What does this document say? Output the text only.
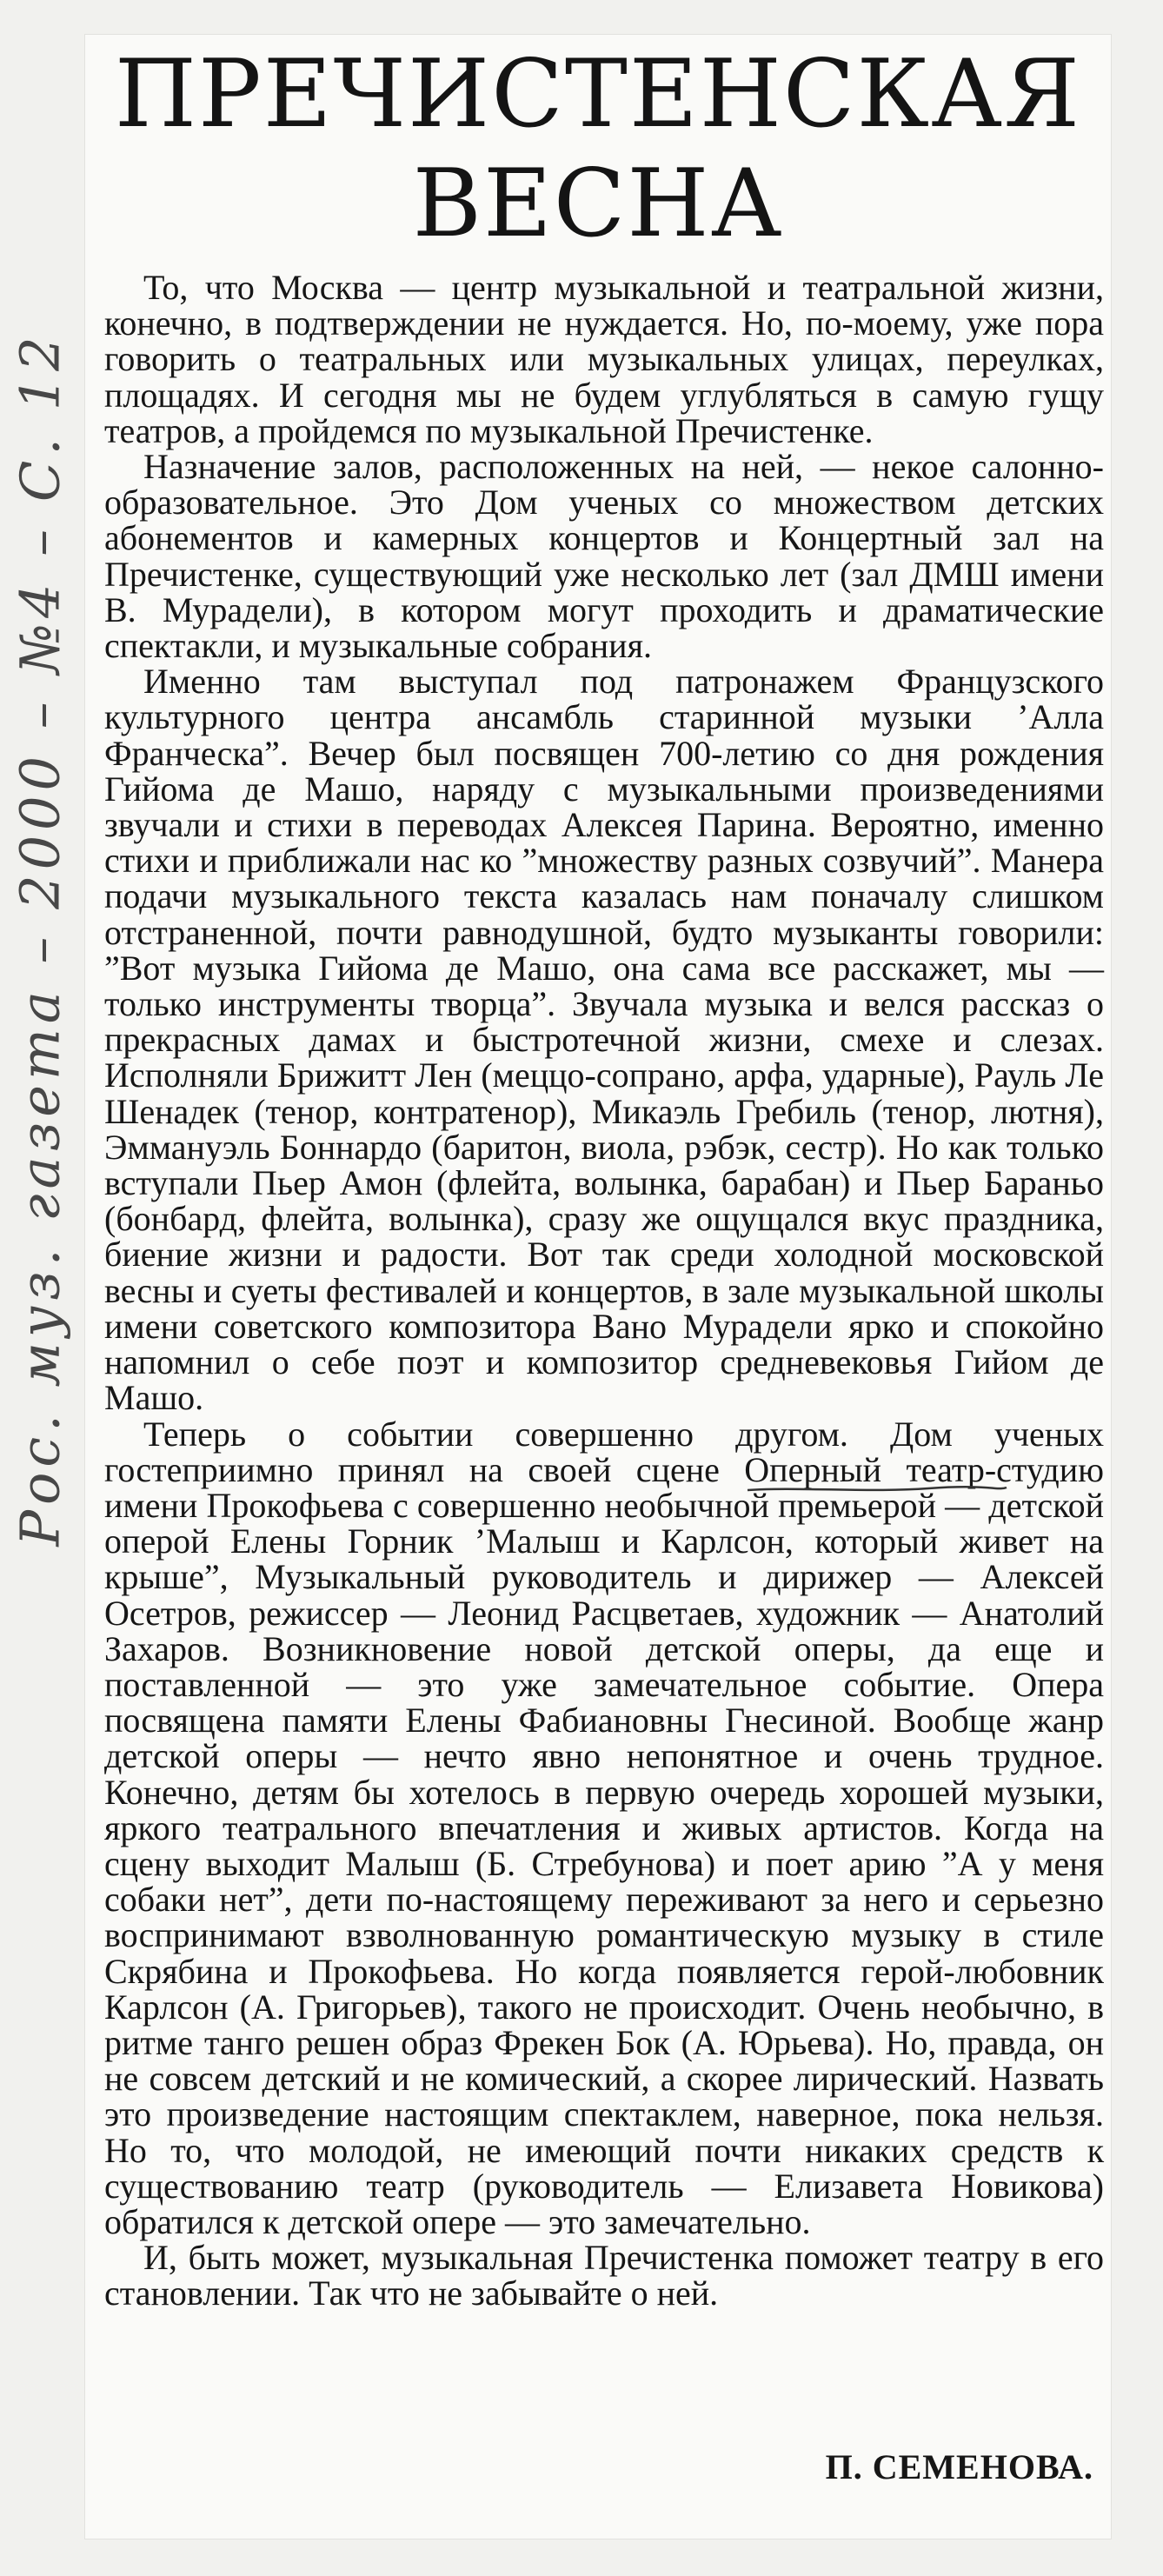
ПРЕЧИСТЕНСКАЯ
ВЕСНА

То, что Москва — центр музыкальной и театральной жизни, конечно, в подтверждении не нуждается. Но, по-моему, уже пора говорить о театральных или музыкальных улицах, переулках, площадях. И сегодня мы не будем углубляться в самую гущу театров, а пройдемся по музыкальной Пречистенке.

Назначение залов, расположенных на ней, — некое салонно-образовательное. Это Дом ученых со множеством детских абонементов и камерных концертов и Концертный зал на Пречистенке, существующий уже несколько лет (зал ДМШ имени В. Мурадели), в котором могут проходить и драматические спектакли, и музыкальные собрания.

Именно там выступал под патронажем Французского культурного центра ансамбль старинной музыки ’Алла Франческа”. Вечер был посвящен 700-летию со дня рождения Гийома де Машо, наряду с музыкальными произведениями звучали и стихи в переводах Алексея Парина. Вероятно, именно стихи и приближали нас ко ”множеству разных созвучий”. Манера подачи музыкального текста казалась нам поначалу слишком отстраненной, почти равнодушной, будто музыканты говорили: ”Вот музыка Гийома де Машо, она сама все расскажет, мы — только инструменты творца”. Звучала музыка и велся рассказ о прекрасных дамах и быстротечной жизни, смехе и слезах. Исполняли Брижитт Лен (меццо-сопрано, арфа, ударные), Рауль Ле Шенадек (тенор, контратенор), Микаэль Гребиль (тенор, лютня), Эммануэль Боннардо (баритон, виола, рэбэк, сестр). Но как только вступали Пьер Амон (флейта, волынка, барабан) и Пьер Бараньо (бонбард, флейта, волынка), сразу же ощущался вкус праздника, биение жизни и радости. Вот так среди холодной московской весны и суеты фестивалей и концертов, в зале музыкальной школы имени советского композитора Вано Мурадели ярко и спокойно напомнил о себе поэт и композитор средневековья Гийом де Машо.

Теперь о событии совершенно другом. Дом ученых гостеприимно принял на своей сцене Оперный театр-студию имени Прокофьева с совершенно необычной премьерой — детской оперой Елены Горник ’Малыш и Карлсон, который живет на крыше”, Музыкальный руководитель и дирижер — Алексей Осетров, режиссер — Леонид Расцветаев, художник — Анатолий Захаров. Возникновение новой детской оперы, да еще и поставленной — это уже замечательное событие. Опера посвящена памяти Елены Фабиановны Гнесиной. Вообще жанр детской оперы — нечто явно непонятное и очень трудное. Конечно, детям бы хотелось в первую очередь хорошей музыки, яркого театрального впечатления и живых артистов. Когда на сцену выходит Малыш (Б. Стребунова) и поет арию ”А у меня собаки нет”, дети по-настоящему переживают за него и серьезно воспринимают взволнованную романтическую музыку в стиле Скрябина и Прокофьева. Но когда появляется герой-любовник Карлсон (А. Григорьев), такого не происходит. Очень необычно, в ритме танго решен образ Фрекен Бок (А. Юрьева). Но, правда, он не совсем детский и не комический, а скорее лирический. Назвать это произведение настоящим спектаклем, наверное, пока нельзя. Но то, что молодой, не имеющий почти никаких средств к существованию театр (руководитель — Елизавета Новикова) обратился к детской опере — это замечательно.

И, быть может, музыкальная Пречистенка поможет театру в его становлении. Так что не забывайте о ней.

П. СЕМЕНОВА.
Рос. муз. газета – 2000 – №4 – С. 12
